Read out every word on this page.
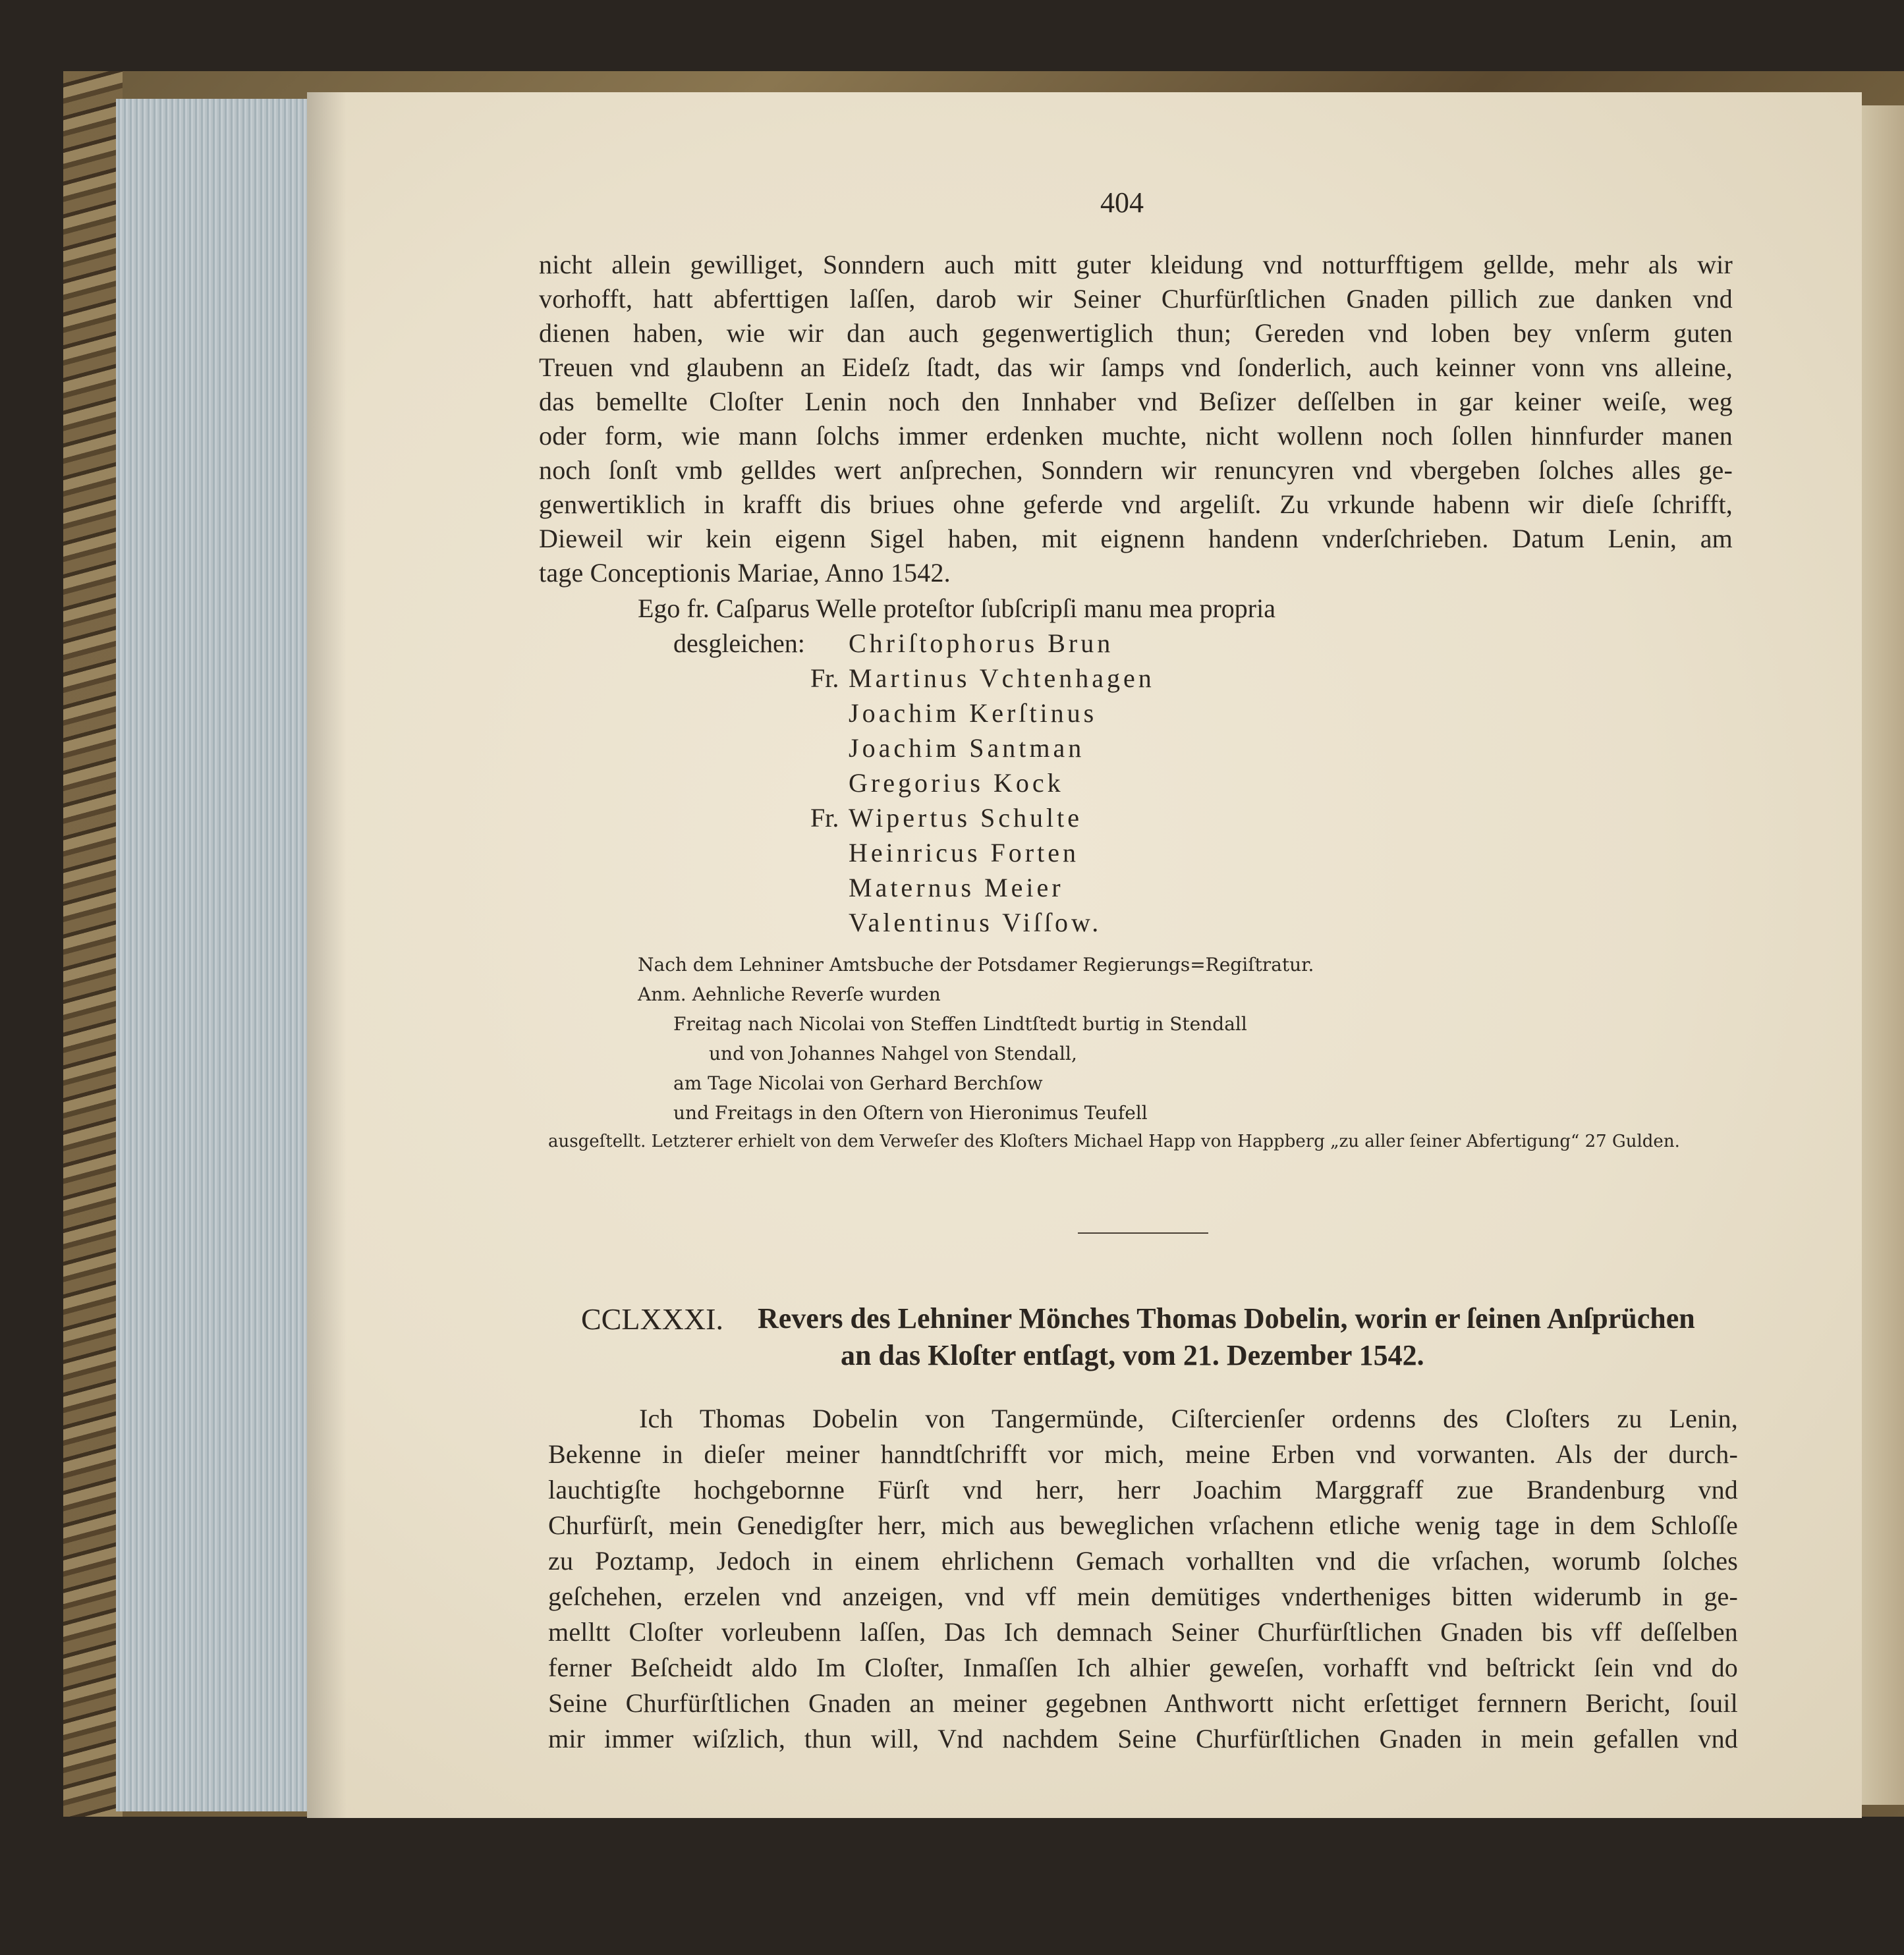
404
nicht allein gewilliget, Sonndern auch mitt guter kleidung vnd notturfftigem gellde, mehr als wir
vorhofft, hatt abferttigen laſſen, darob wir Seiner Churfürſtlichen Gnaden pillich zue danken vnd
dienen haben, wie wir dan auch gegenwertiglich thun; Gereden vnd loben bey vnſerm guten
Treuen vnd glaubenn an Eideſz ſtadt, das wir ſamps vnd ſonderlich, auch keinner vonn vns alleine,
das bemellte Cloſter Lenin noch den Innhaber vnd Beſizer deſſelben in gar keiner weiſe, weg
oder form, wie mann ſolchs immer erdenken muchte, nicht wollenn noch ſollen hinnfurder manen
noch ſonſt vmb gelldes wert anſprechen, Sonndern wir renuncyren vnd vbergeben ſolches alles ge-
genwertiklich in krafft dis briues ohne geferde vnd argeliſt. Zu vrkunde habenn wir dieſe ſchrifft,
Dieweil wir kein eigenn Sigel haben, mit eignenn handenn vnderſchrieben. Datum Lenin, am
tage Conceptionis Mariae, Anno 1542.
Ego fr. Caſparus Welle proteſtor ſubſcripſi manu mea propria
desgleichen: Chriſtophorus Brun
Fr. Martinus Vchtenhagen
Joachim Kerſtinus
Joachim Santman
Gregorius Kock
Fr. Wipertus Schulte
Heinricus Forten
Maternus Meier
Valentinus Viſſow.
Nach dem Lehniner Amtsbuche der Potsdamer Regierungs=Regiſtratur.
Anm. Aehnliche Reverſe wurden
Freitag nach Nicolai von Steffen Lindtſtedt burtig in Stendall
und von Johannes Nahgel von Stendall,
am Tage Nicolai von Gerhard Berchſow
und Freitags in den Oſtern von Hieronimus Teufell
ausgeſtellt. Letzterer erhielt von dem Verweſer des Kloſters Michael Happ von Happberg „zu aller ſeiner Abfertigung“ 27 Gulden.
CCLXXXI. Revers des Lehniner Mönches Thomas Dobelin, worin er ſeinen Anſprüchen
an das Kloſter entſagt, vom 21. Dezember 1542.
Ich Thomas Dobelin von Tangermünde, Ciſtercienſer ordenns des Cloſters zu Lenin,
Bekenne in dieſer meiner hanndtſchrifft vor mich, meine Erben vnd vorwanten. Als der durch-
lauchtigſte hochgebornne Fürſt vnd herr, herr Joachim Marggraff zue Brandenburg vnd
Churfürſt, mein Genedigſter herr, mich aus beweglichen vrſachenn etliche wenig tage in dem Schloſſe
zu Poztamp, Jedoch in einem ehrlichenn Gemach vorhallten vnd die vrſachen, worumb ſolches
geſchehen, erzelen vnd anzeigen, vnd vff mein demütiges vndertheniges bitten widerumb in ge-
melltt Cloſter vorleubenn laſſen, Das Ich demnach Seiner Churfürſtlichen Gnaden bis vff deſſelben
ferner Beſcheidt aldo Im Cloſter, Inmaſſen Ich alhier geweſen, vorhafft vnd beſtrickt ſein vnd do
Seine Churfürſtlichen Gnaden an meiner gegebnen Anthwortt nicht erſettiget fernnern Bericht, ſouil
mir immer wiſzlich, thun will, Vnd nachdem Seine Churfürſtlichen Gnaden in mein gefallen vnd
